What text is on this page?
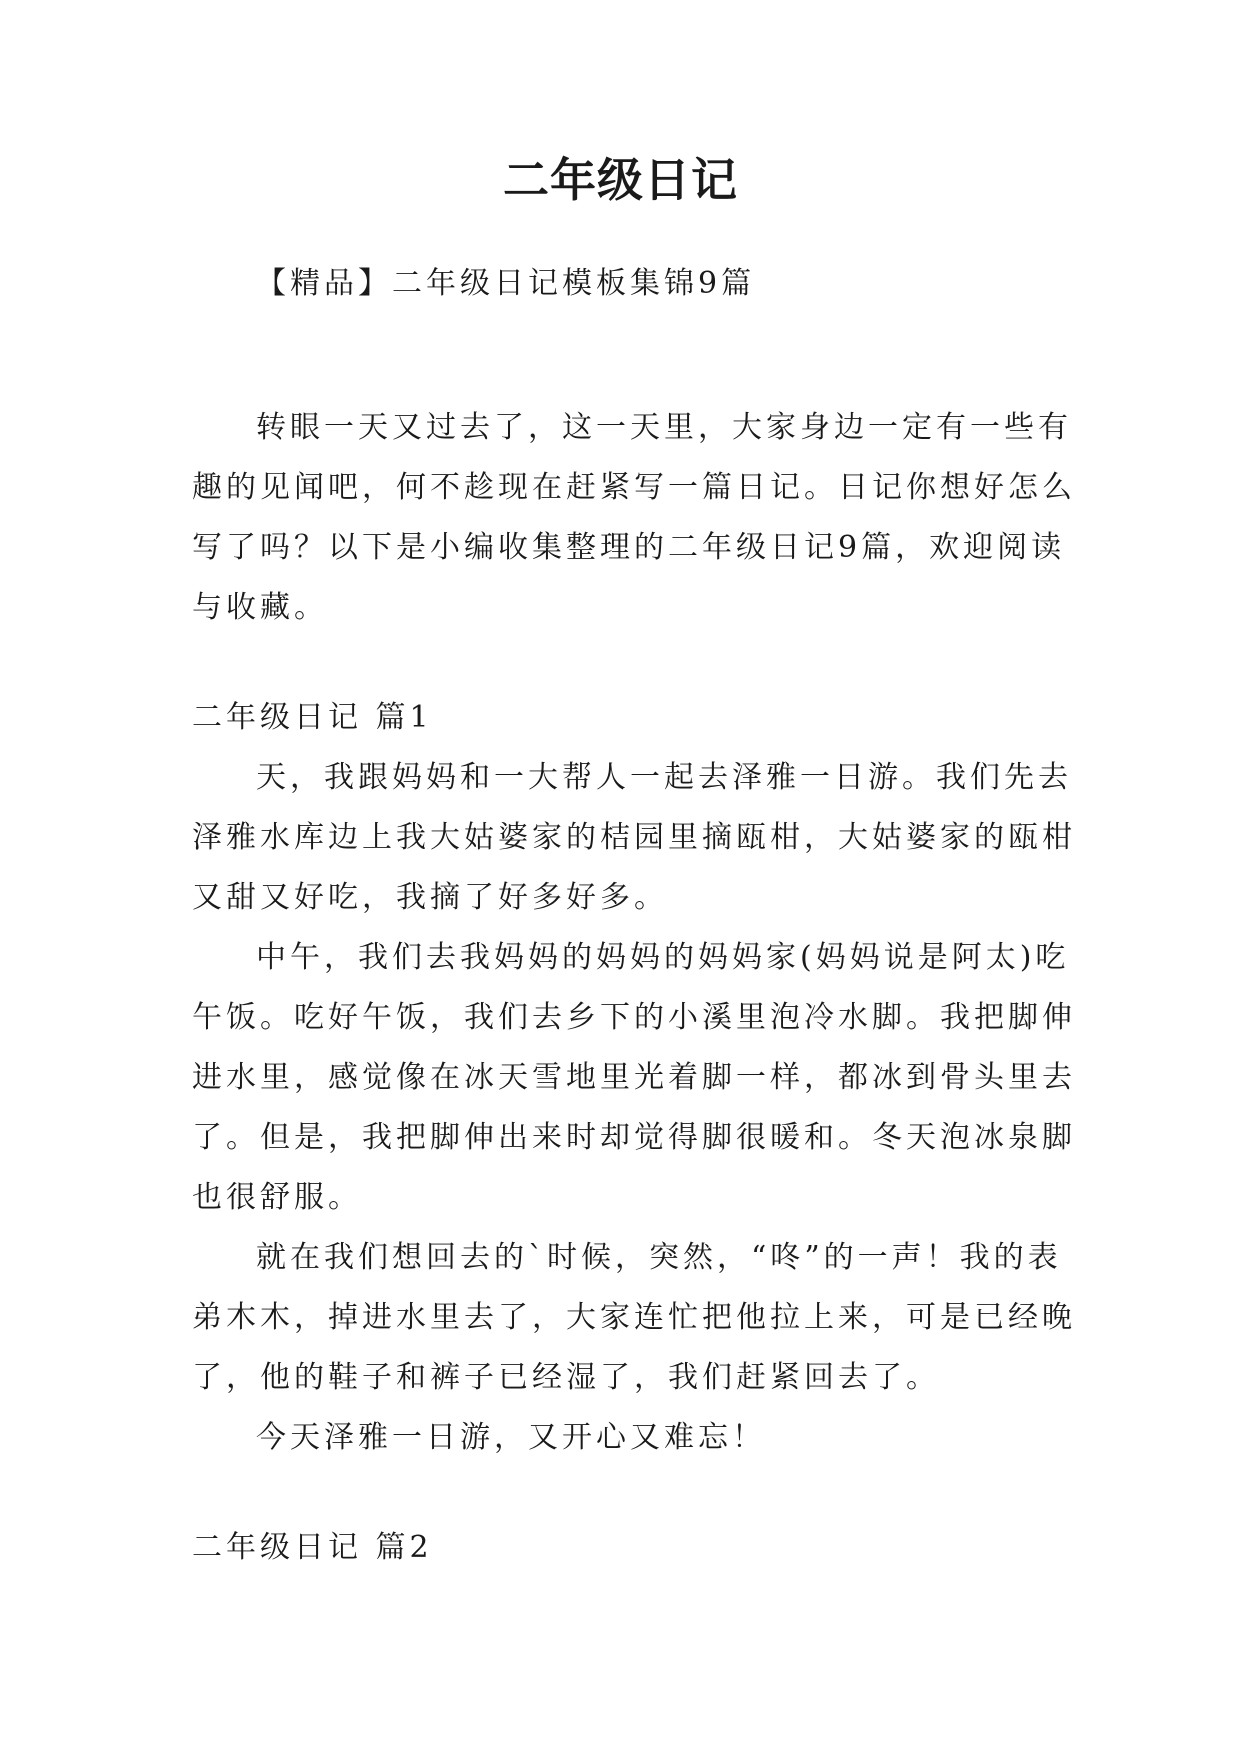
二年级日记
【精品】二年级日记模板集锦9篇
转眼一天又过去了，这一天里，大家身边一定有一些有
趣的见闻吧，何不趁现在赶紧写一篇日记。日记你想好怎么
写了吗？以下是小编收集整理的二年级日记9篇，欢迎阅读
与收藏。
二年级日记 篇1
天，我跟妈妈和一大帮人一起去泽雅一日游。我们先去
泽雅水库边上我大姑婆家的桔园里摘瓯柑，大姑婆家的瓯柑
又甜又好吃，我摘了好多好多。
中午，我们去我妈妈的妈妈的妈妈家(妈妈说是阿太)吃
午饭。吃好午饭，我们去乡下的小溪里泡冷水脚。我把脚伸
进水里，感觉像在冰天雪地里光着脚一样，都冰到骨头里去
了。但是，我把脚伸出来时却觉得脚很暖和。冬天泡冰泉脚
也很舒服。
就在我们想回去的`时候，突然，“咚”的一声！我的表
弟木木，掉进水里去了，大家连忙把他拉上来，可是已经晚
了，他的鞋子和裤子已经湿了，我们赶紧回去了。
今天泽雅一日游，又开心又难忘！
二年级日记 篇2
